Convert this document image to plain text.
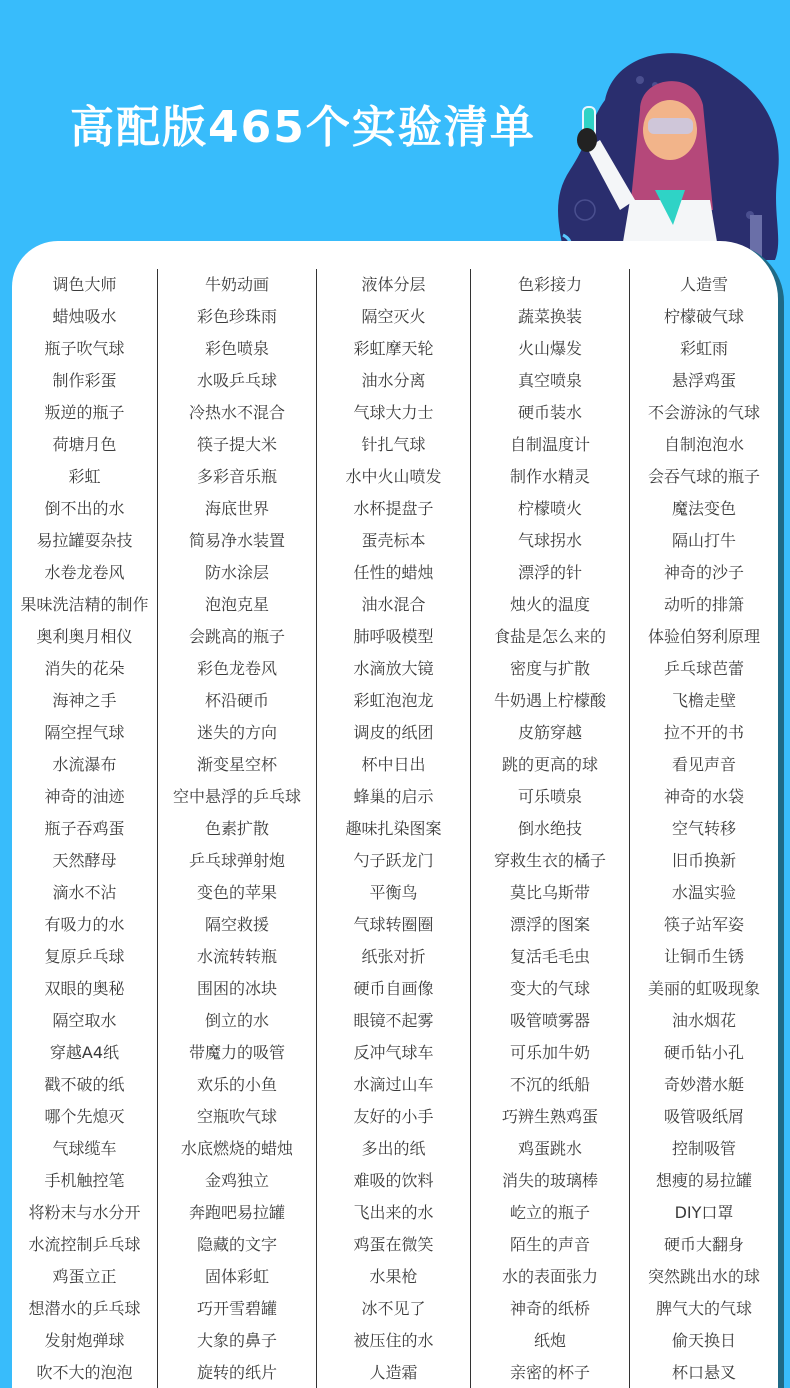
高配版465个实验清单
调色大师
蜡烛吸水
瓶子吹气球
制作彩蛋
叛逆的瓶子
荷塘月色
彩虹
倒不出的水
易拉罐耍杂技
水卷龙卷风
果味洗洁精的制作
奥利奥月相仪
消失的花朵
海神之手
隔空捏气球
水流瀑布
神奇的油迹
瓶子吞鸡蛋
天然酵母
滴水不沾
有吸力的水
复原乒乓球
双眼的奥秘
隔空取水
穿越A4纸
戳不破的纸
哪个先熄灭
气球缆车
手机触控笔
将粉末与水分开
水流控制乒乓球
鸡蛋立正
想潜水的乒乓球
发射炮弹球
吹不大的泡泡
牛奶动画
彩色珍珠雨
彩色喷泉
水吸乒乓球
冷热水不混合
筷子提大米
多彩音乐瓶
海底世界
简易净水装置
防水涂层
泡泡克星
会跳高的瓶子
彩色龙卷风
杯沿硬币
迷失的方向
渐变星空杯
空中悬浮的乒乓球
色素扩散
乒乓球弹射炮
变色的苹果
隔空救援
水流转转瓶
围困的冰块
倒立的水
带魔力的吸管
欢乐的小鱼
空瓶吹气球
水底燃烧的蜡烛
金鸡独立
奔跑吧易拉罐
隐藏的文字
固体彩虹
巧开雪碧罐
大象的鼻子
旋转的纸片
液体分层
隔空灭火
彩虹摩天轮
油水分离
气球大力士
针扎气球
水中火山喷发
水杯提盘子
蛋壳标本
任性的蜡烛
油水混合
肺呼吸模型
水滴放大镜
彩虹泡泡龙
调皮的纸团
杯中日出
蜂巢的启示
趣味扎染图案
勺子跃龙门
平衡鸟
气球转圈圈
纸张对折
硬币自画像
眼镜不起雾
反冲气球车
水滴过山车
友好的小手
多出的纸
难吸的饮料
飞出来的水
鸡蛋在微笑
水果枪
冰不见了
被压住的水
人造霜
色彩接力
蔬菜换装
火山爆发
真空喷泉
硬币装水
自制温度计
制作水精灵
柠檬喷火
气球拐水
漂浮的针
烛火的温度
食盐是怎么来的
密度与扩散
牛奶遇上柠檬酸
皮筋穿越
跳的更高的球
可乐喷泉
倒水绝技
穿救生衣的橘子
莫比乌斯带
漂浮的图案
复活毛毛虫
变大的气球
吸管喷雾器
可乐加牛奶
不沉的纸船
巧辨生熟鸡蛋
鸡蛋跳水
消失的玻璃棒
屹立的瓶子
陌生的声音
水的表面张力
神奇的纸桥
纸炮
亲密的杯子
人造雪
柠檬破气球
彩虹雨
悬浮鸡蛋
不会游泳的气球
自制泡泡水
会吞气球的瓶子
魔法变色
隔山打牛
神奇的沙子
动听的排箫
体验伯努利原理
乒乓球芭蕾
飞檐走壁
拉不开的书
看见声音
神奇的水袋
空气转移
旧币换新
水温实验
筷子站军姿
让铜币生锈
美丽的虹吸现象
油水烟花
硬币钻小孔
奇妙潜水艇
吸管吸纸屑
控制吸管
想瘦的易拉罐
DIY口罩
硬币大翻身
突然跳出水的球
脾气大的气球
偷天换日
杯口悬叉
